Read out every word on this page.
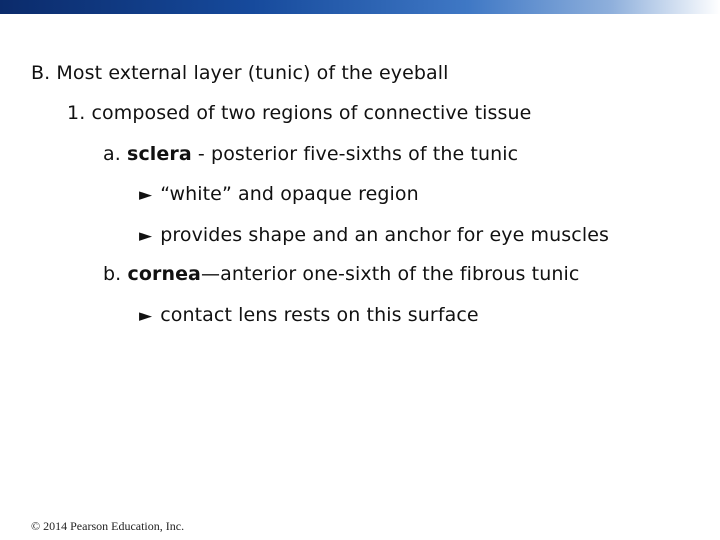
B. Most external layer (tunic) of the eyeball
1. composed of two regions of connective tissue
a. sclera - posterior five-sixths of the tunic
► “white” and opaque region
► provides shape and an anchor for eye muscles
b. cornea—anterior one-sixth of the fibrous tunic
► contact lens rests on this surface
© 2014 Pearson Education, Inc.
